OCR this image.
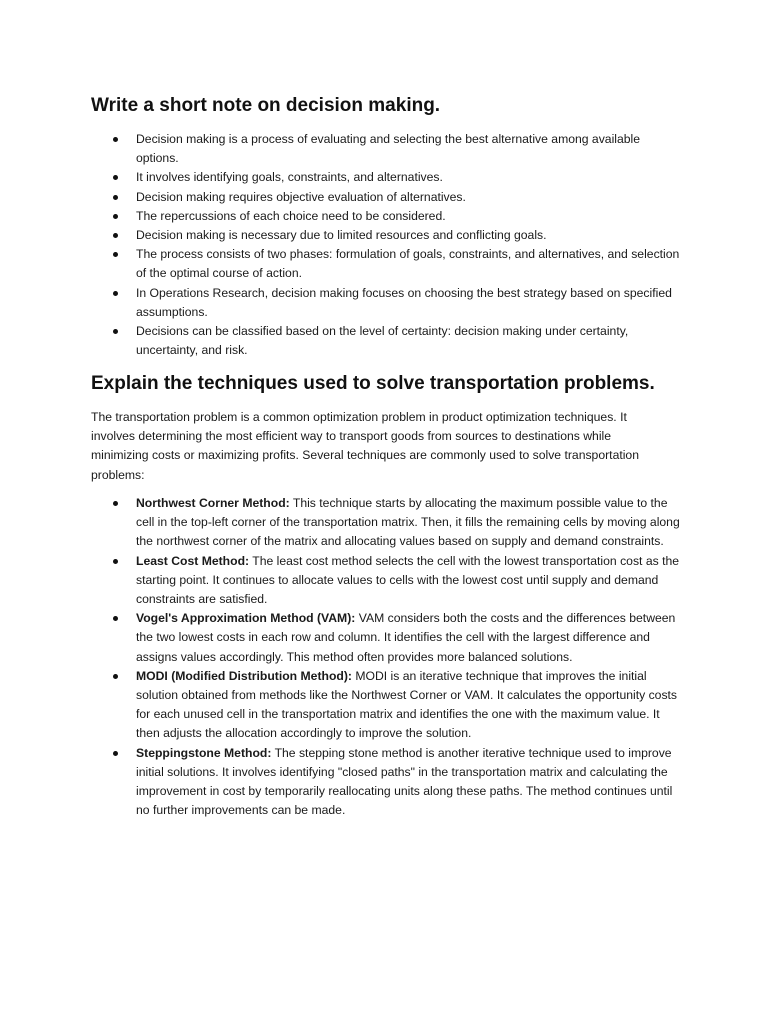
Write a short note on decision making.
Decision making is a process of evaluating and selecting the best alternative among available options.
It involves identifying goals, constraints, and alternatives.
Decision making requires objective evaluation of alternatives.
The repercussions of each choice need to be considered.
Decision making is necessary due to limited resources and conflicting goals.
The process consists of two phases: formulation of goals, constraints, and alternatives, and selection of the optimal course of action.
In Operations Research, decision making focuses on choosing the best strategy based on specified assumptions.
Decisions can be classified based on the level of certainty: decision making under certainty, uncertainty, and risk.
Explain the techniques used to solve transportation problems.

The transportation problem is a common optimization problem in product optimization techniques. It involves determining the most efficient way to transport goods from sources to destinations while minimizing costs or maximizing profits. Several techniques are commonly used to solve transportation problems:

Northwest Corner Method: This technique starts by allocating the maximum possible value to the cell in the top-left corner of the transportation matrix. Then, it fills the remaining cells by moving along the northwest corner of the matrix and allocating values based on supply and demand constraints.
Least Cost Method: The least cost method selects the cell with the lowest transportation cost as the starting point. It continues to allocate values to cells with the lowest cost until supply and demand constraints are satisfied.
Vogel's Approximation Method (VAM): VAM considers both the costs and the differences between the two lowest costs in each row and column. It identifies the cell with the largest difference and assigns values accordingly. This method often provides more balanced solutions.
MODI (Modified Distribution Method): MODI is an iterative technique that improves the initial solution obtained from methods like the Northwest Corner or VAM. It calculates the opportunity costs for each unused cell in the transportation matrix and identifies the one with the maximum value. It then adjusts the allocation accordingly to improve the solution.
Steppingstone Method: The stepping stone method is another iterative technique used to improve initial solutions. It involves identifying "closed paths" in the transportation matrix and calculating the improvement in cost by temporarily reallocating units along these paths. The method continues until no further improvements can be made.
